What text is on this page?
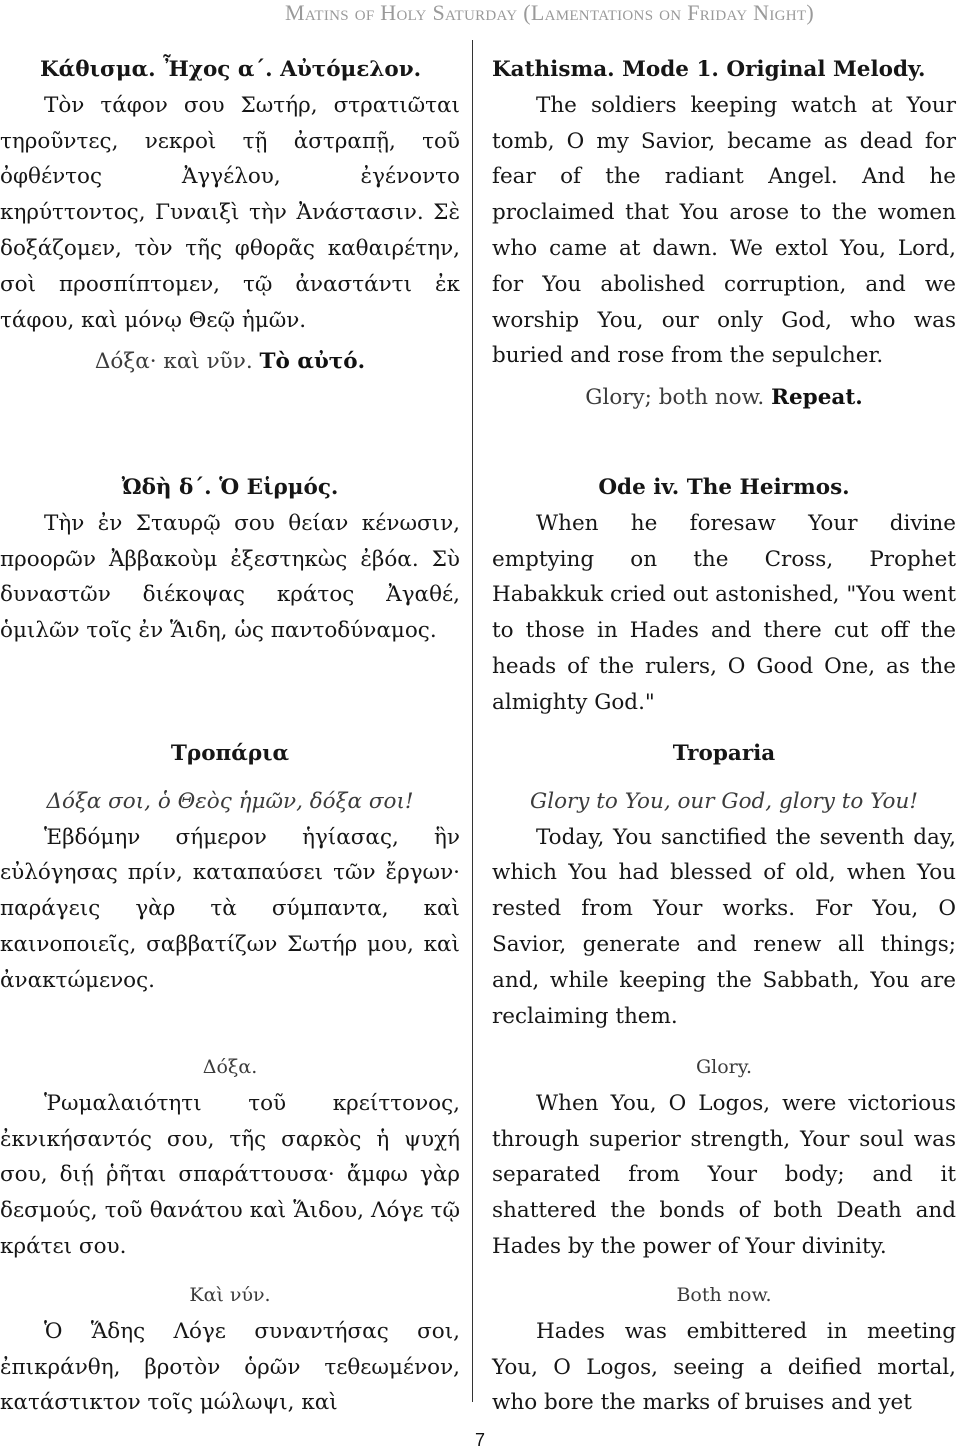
Matins of Holy Saturday (Lamentations on Friday Night)
Κάθισμα. Ἦχος α΄. Αὐτόμελον.

Τὸν τάφον σου Σωτήρ, στρατιῶται τηροῦντες, νεκροὶ τῇ ἀστραπῇ, τοῦ ὀφθέντος Ἀγγέλου, ἐγένοντο κηρύττοντος, Γυναιξὶ τὴν Ἀνάστασιν. Σὲ δοξάζομεν, τὸν τῆς φθορᾶς καθαιρέτην, σοὶ προσπίπτομεν, τῷ ἀναστάντι ἐκ τάφου, καὶ μόνῳ Θεῷ ἡμῶν.

Δόξα· καὶ νῦν. Τὸ αὐτό.
Ὠδὴ δ΄. Ὁ Εἱρμός.

Τὴν ἐν Σταυρῷ σου θείαν κένωσιν, προορῶν Ἀββακοὺμ ἐξεστηκὼς ἐβόα. Σὺ δυναστῶν διέκοψας κράτος Ἀγαθέ, ὁμιλῶν τοῖς ἐν Ἅιδη, ὡς παντοδύναμος.

Τροπάρια
Δόξα σοι, ὁ Θεὸς ἡμῶν, δόξα σοι!

Ἑβδόμην σήμερον ἡγίασας, ἣν εὐλόγησας πρίν, καταπαύσει τῶν ἔργων· παράγεις γὰρ τὰ σύμπαντα, καὶ καινοποιεῖς, σαββατίζων Σωτήρ μου, καὶ ἀνακτώμενος.

Δόξα.

Ῥωμαλαιότητι τοῦ κρείττονος, ἐκνικήσαντός σου, τῆς σαρκὸς ἡ ψυχή σου, διῄ ῥῆται σπαράττουσα· ἄμφω γὰρ δεσμούς, τοῦ θανάτου καὶ Ἅιδου, Λόγε τῷ κράτει σου.

Καὶ νύν.

Ὁ Ἅδης Λόγε συναντήσας σοι, ἐπικράνθη, βροτὸν ὁρῶν τεθεωμένον, κατάστικτον τοῖς μώλωψι, καὶ

Kathisma. Mode 1. Original Melody.

The soldiers keeping watch at Your tomb, O my Savior, became as dead for fear of the radiant Angel. And he proclaimed that You arose to the women who came at dawn. We extol You, Lord, for You abolished corruption, and we worship You, our only God, who was buried and rose from the sepulcher.

Glory; both now. Repeat.
Ode iv. The Heirmos.

When he foresaw Your divine emptying on the Cross, Prophet Habakkuk cried out astonished, "You went to those in Hades and there cut off the heads of the rulers, O Good One, as the almighty God."

Troparia
Glory to You, our God, glory to You!

Today, You sanctified the seventh day, which You had blessed of old, when You rested from Your works. For You, O Savior, generate and renew all things; and, while keeping the Sabbath, You are reclaiming them.

Glory.

When You, O Logos, were victorious through superior strength, Your soul was separated from Your body; and it shattered the bonds of both Death and Hades by the power of Your divinity.

Both now.

Hades was embittered in meeting You, O Logos, seeing a deified mortal, who bore the marks of bruises and yet

7
